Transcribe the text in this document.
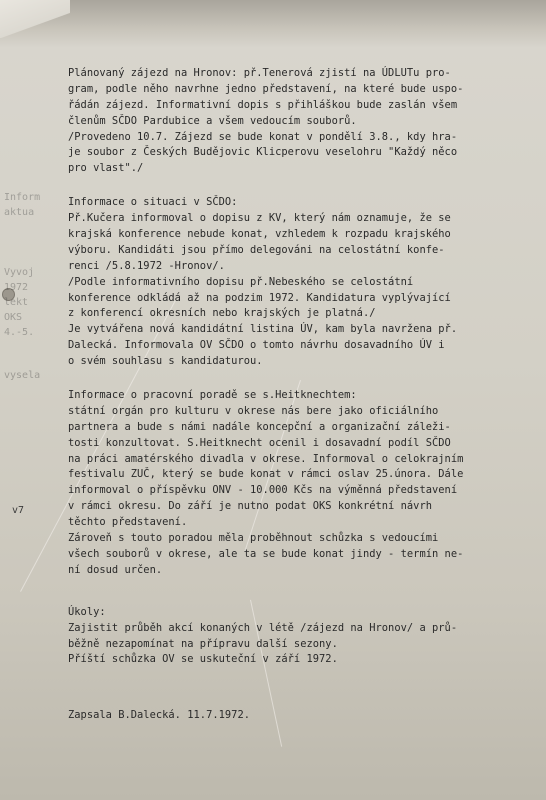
Inform
aktua
Vyvoj
1972
lekt
OKS
4.-5.
vysela
Plánovaný zájezd na Hronov: př.Tenerová zjistí na ÚDLUTu pro-
gram, podle něho navrhne jedno představení, na které bude uspo-
řádán zájezd. Informativní dopis s přihláškou bude zaslán všem
členům SČDO Pardubice a všem vedoucím souborů.
/Provedeno 10.7. Zájezd se bude konat v pondělí 3.8., kdy hra-
je soubor z Českých Budějovic Klicperovu veselohru "Každý něco
pro vlast"./
Informace o situaci v SČDO:
Př.Kučera informoval o dopisu z KV, který nám oznamuje, že se
krajská konference nebude konat, vzhledem k rozpadu krajského
výboru. Kandidáti jsou přímo delegováni na celostátní konfe-
renci /5.8.1972 -Hronov/.
/Podle informativního dopisu př.Nebeského se celostátní
konference odkládá až na podzim 1972. Kandidatura vyplývající
z konferencí okresních nebo krajských je platná./
Je vytvářena nová kandidátní listina ÚV, kam byla navržena př.
Dalecká. Informovala OV SČDO o tomto návrhu dosavadního ÚV i
o svém souhlasu s kandidaturou.
Informace o pracovní poradě se s.Heitknechtem:
státní orgán pro kulturu v okrese nás bere jako oficiálního
partnera a bude s námi nadále koncepční a organizační záleži-
tosti konzultovat. S.Heitknecht ocenil i dosavadní podíl SČDO
na práci amatérského divadla v okrese. Informoval o celokrajním
festivalu ZUČ, který se bude konat v rámci oslav 25.února. Dále
informoval o příspěvku ONV - 10.000 Kčs na výměnná představení
v rámci okresu. Do září je nutno podat OKS konkrétní návrh
těchto představení.
Zároveň s touto poradou měla proběhnout schůzka s vedoucími
všech souborů v okrese, ale ta se bude konat jindy - termín ne-
ní dosud určen.
Úkoly:
Zajistit průběh akcí konaných v létě /zájezd na Hronov/ a prů-
běžně nezapomínat na přípravu další sezony.
Příští schůzka OV se uskuteční v září 1972.
Zapsala B.Dalecká. 11.7.1972.
v7
